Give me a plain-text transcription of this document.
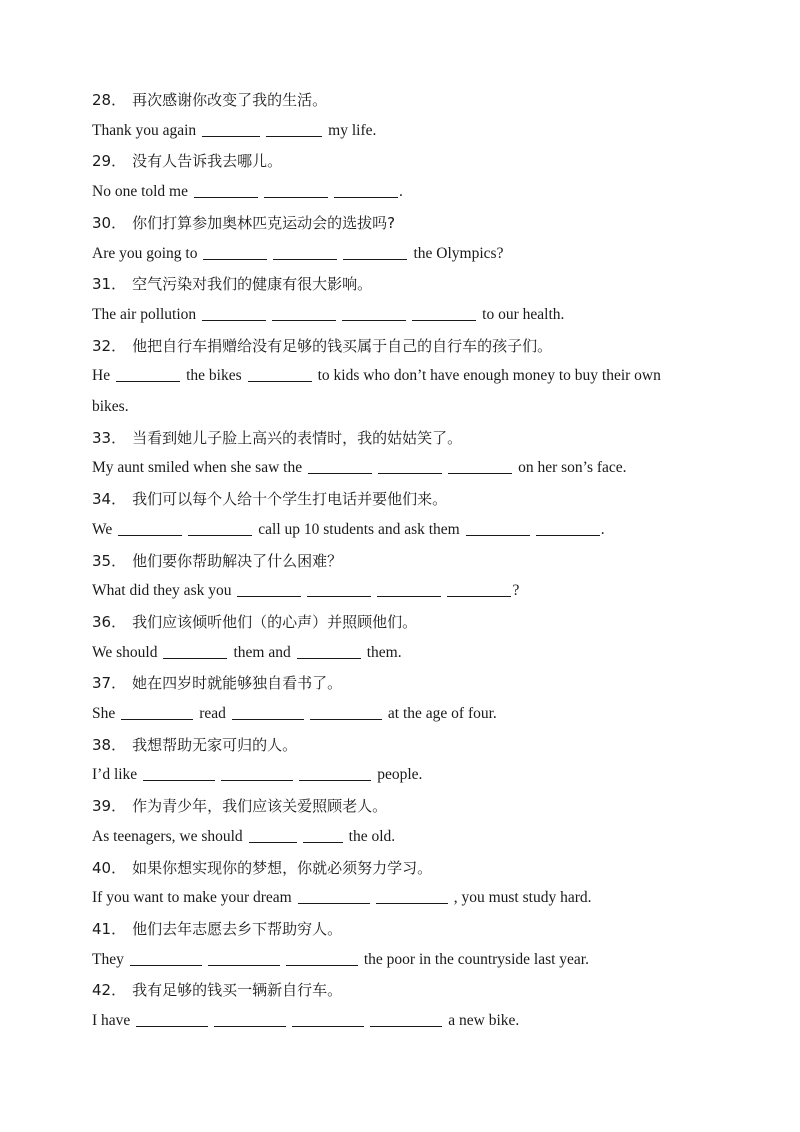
28． 再次感谢你改变了我的生活。
Thank you again	my life.
29． 没有人告诉我去哪儿。
No one told me	.
30． 你们打算参加奥林匹克运动会的选拔吗?
Are you going to	the Olympics?
31． 空气污染对我们的健康有很大影响。
The air pollution	to our health.
32． 他把自行车捐赠给没有足够的钱买属于自己的自行车的孩子们。
He	the bikes	to kids who don’t have enough money to buy their own
bikes.
33． 当看到她儿子脸上高兴的表情时，我的姑姑笑了。
My aunt smiled when she saw the	on her son’s face.
34． 我们可以每个人给十个学生打电话并要他们来。
We	call up 10 students and ask them	.
35． 他们要你帮助解决了什么困难？
What did they ask you	?
36． 我们应该倾听他们（的心声）并照顾他们。
We should	them and	them.
37． 她在四岁时就能够独自看书了。
She	read	at the age of four.
38． 我想帮助无家可归的人。
I’d like	people.
39． 作为青少年，我们应该关爱照顾老人。
As teenagers, we should	the old.
40． 如果你想实现你的梦想，你就必须努力学习。
If you want to make your dream	, you must study hard.
41． 他们去年志愿去乡下帮助穷人。
They	the poor in the countryside last year.
42． 我有足够的钱买一辆新自行车。
I have	a new bike.
